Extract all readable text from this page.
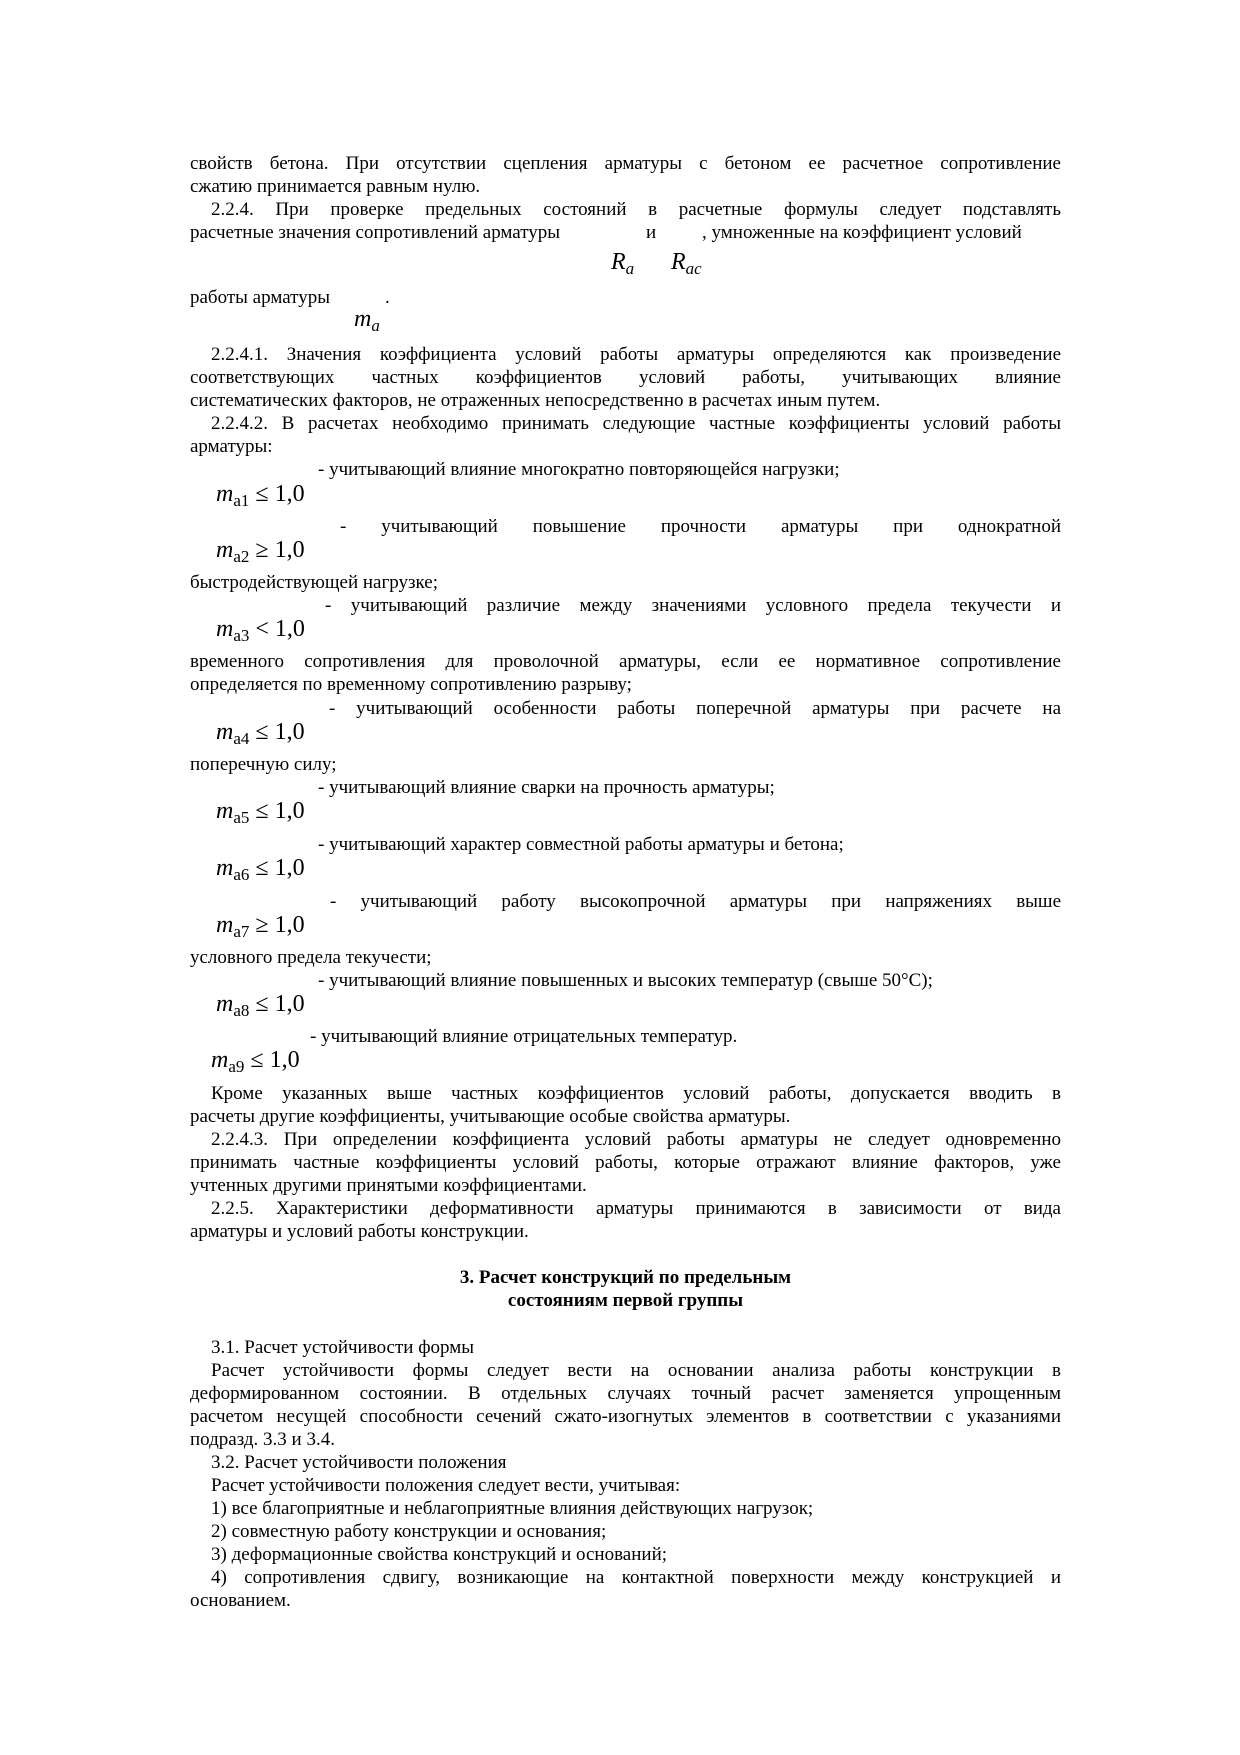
свойств бетона. При отсутствии сцепления арматуры с бетоном ее расчетное сопротивление
сжатию принимается равным нулю.
2.2.4. При проверке предельных состояний в расчетные формулы следует подставлять
расчетные значения сопротивлений арматуры	и , умноженные на коэффициент условий
$R_a$ $R_{ac}$
работы арматуры	.
$m_a$
2.2.4.1. Значения коэффициента условий работы арматуры определяются как произведение
соответствующих частных коэффициентов условий работы, учитывающих влияние
систематических факторов, не отраженных непосредственно в расчетах иным путем.
2.2.4.2. В расчетах необходимо принимать следующие частные коэффициенты условий работы
арматуры:
- учитывающий влияние многократно повторяющейся нагрузки;
$m_{a1} \le 1,0$
- учитывающий повышение прочности арматуры при однократной
$m_{a2} \ge 1,0$
быстродействующей нагрузке;
- учитывающий различие между значениями условного предела текучести и
$m_{a3} < 1,0$
временного сопротивления для проволочной арматуры, если ее нормативное сопротивление
определяется по временному сопротивлению разрыву;
- учитывающий особенности работы поперечной арматуры при расчете на
$m_{a4} \le 1,0$
поперечную силу;
- учитывающий влияние сварки на прочность арматуры;
$m_{a5} \le 1,0$
- учитывающий характер совместной работы арматуры и бетона;
$m_{a6} \le 1,0$
- учитывающий работу высокопрочной арматуры при напряжениях выше
$m_{a7} \ge 1,0$
условного предела текучести;
- учитывающий влияние повышенных и высоких температур (свыше 50°С);
$m_{a8} \le 1,0$
- учитывающий влияние отрицательных температур.
$m_{a9} \le 1,0$
Кроме указанных выше частных коэффициентов условий работы, допускается вводить в
расчеты другие коэффициенты, учитывающие особые свойства арматуры.
2.2.4.3. При определении коэффициента условий работы арматуры не следует одновременно
принимать частные коэффициенты условий работы, которые отражают влияние факторов, уже
учтенных другими принятыми коэффициентами.
2.2.5. Характеристики деформативности арматуры принимаются в зависимости от вида
арматуры и условий работы конструкции.
3. Расчет конструкций по предельным
состояниям первой группы
3.1. Расчет устойчивости формы
Расчет устойчивости формы следует вести на основании анализа работы конструкции в
деформированном состоянии. В отдельных случаях точный расчет заменяется упрощенным
расчетом несущей способности сечений сжато-изогнутых элементов в соответствии с указаниями
подразд. 3.3 и 3.4.
3.2. Расчет устойчивости положения
Расчет устойчивости положения следует вести, учитывая:
1) все благоприятные и неблагоприятные влияния действующих нагрузок;
2) совместную работу конструкции и основания;
3) деформационные свойства конструкций и оснований;
4) сопротивления сдвигу, возникающие на контактной поверхности между конструкцией и
основанием.
